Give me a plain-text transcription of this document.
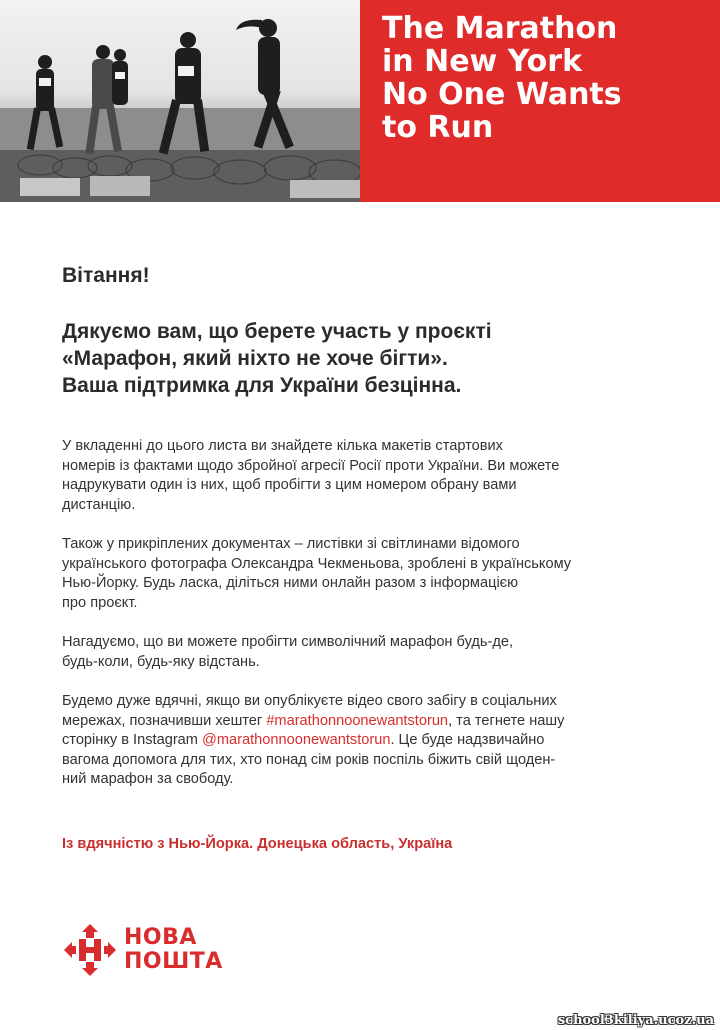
The Marathon
in New York
No One Wants
to Run

Вітання!

Дякуємо вам, що берете участь у проєкті
«Марафон, який ніхто не хоче бігти».
Ваша підтримка для України безцінна.

У вкладенні до цього листа ви знайдете кілька макетів стартових
номерів із фактами щодо збройної агресії Росії проти України. Ви можете
надрукувати один із них, щоб пробігти з цим номером обрану вами
дистанцію.

Також у прикріплених документах – листівки зі світлинами відомого
українського фотографа Олександра Чекменьова, зроблені в українському
Нью-Йорку. Будь ласка, діліться ними онлайн разом з інформацією
про проєкт.

Нагадуємо, що ви можете пробігти символічний марафон будь-де,
будь-коли, будь-яку відстань.

Будемо дуже вдячні, якщо ви опублікуєте відео свого забігу в соціальних
мережах, позначивши хештег #marathonnoonewantstorun, та тегнете нашу
сторінку в Instagram @marathonnoonewantstorun. Це буде надзвичайно
вагома допомога для тих, хто понад сім років поспіль біжить свій щоден-
ний марафон за свободу.

Із вдячністю з Нью-Йорка. Донецька область, Україна
НОВА
ПОШТА
school3kiliya.ucoz.ua
